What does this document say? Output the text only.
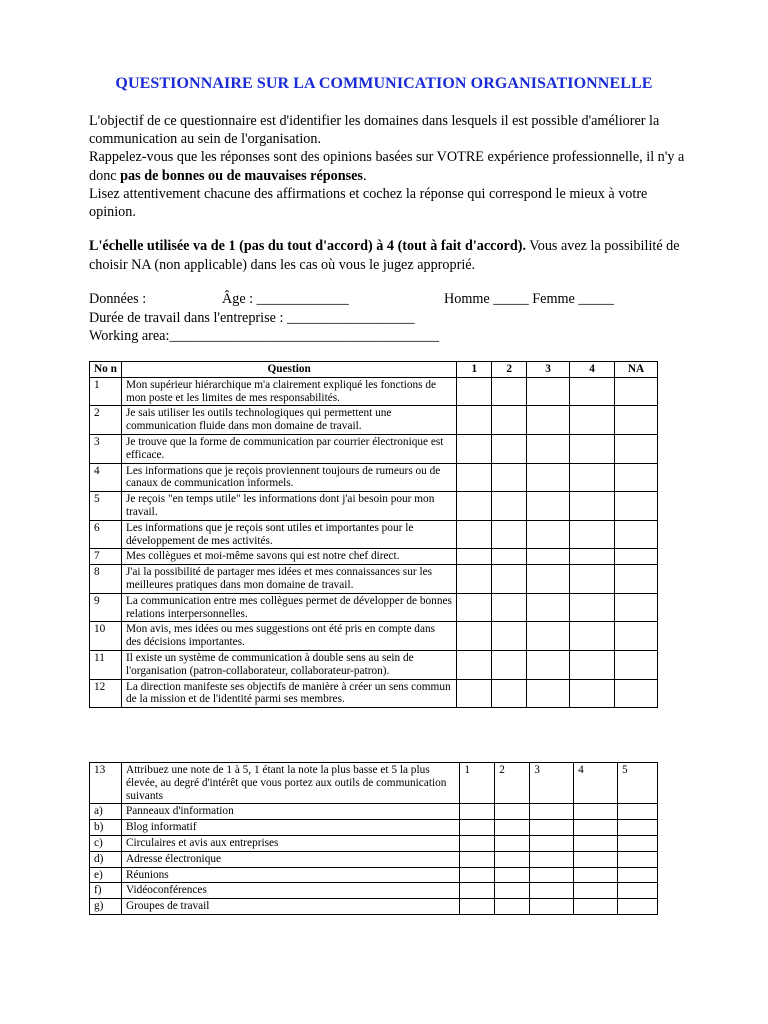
QUESTIONNAIRE SUR LA COMMUNICATION ORGANISATIONNELLE

L'objectif de ce questionnaire est d'identifier les domaines dans lesquels il est possible d'améliorer la communication au sein de l'organisation.

Rappelez-vous que les réponses sont des opinions basées sur VOTRE expérience professionnelle, il n'y a donc pas de bonnes ou de mauvaises réponses.

Lisez attentivement chacune des affirmations et cochez la réponse qui correspond le mieux à votre opinion.

L'échelle utilisée va de 1 (pas du tout d'accord) à 4 (tout à fait d'accord). Vous avez la possibilité de choisir NA (non applicable) dans les cas où vous le jugez approprié.

Données :

	Âge : _____________

	Homme _____ Femme _____

Durée de travail dans l'entreprise : __________________
Working area:______________________________________
No n	Question	1	2	3	4	NA
1	Mon supérieur hiérarchique m'a clairement expliqué les fonctions de mon poste et les limites de mes responsabilités.					
2	Je sais utiliser les outils technologiques qui permettent une communication fluide dans mon domaine de travail.					
3	Je trouve que la forme de communication par courrier électronique est efficace.					
4	Les informations que je reçois proviennent toujours de rumeurs ou de canaux de communication informels.					
5	Je reçois "en temps utile" les informations dont j'ai besoin pour mon travail.					
6	Les informations que je reçois sont utiles et importantes pour le développement de mes activités.					
7	Mes collègues et moi-même savons qui est notre chef direct.					
8	J'ai la possibilité de partager mes idées et mes connaissances sur les meilleures pratiques dans mon domaine de travail.					
9	La communication entre mes collègues permet de développer de bonnes relations interpersonnelles.					
10	Mon avis, mes idées ou mes suggestions ont été pris en compte dans des décisions importantes.					
11	Il existe un système de communication à double sens au sein de l'organisation (patron-collaborateur, collaborateur-patron).					
12	La direction manifeste ses objectifs de manière à créer un sens commun de la mission et de l'identité parmi ses membres.					
13	Attribuez une note de 1 à 5, 1 étant la note la plus basse et 5 la plus élevée, au degré d'intérêt que vous portez aux outils de communication suivants	1	2	3	4	5
a)	Panneaux d'information					
b)	Blog informatif					
c)	Circulaires et avis aux entreprises					
d)	Adresse électronique					
e)	Réunions					
f)	Vidéoconférences					
g)	Groupes de travail					
